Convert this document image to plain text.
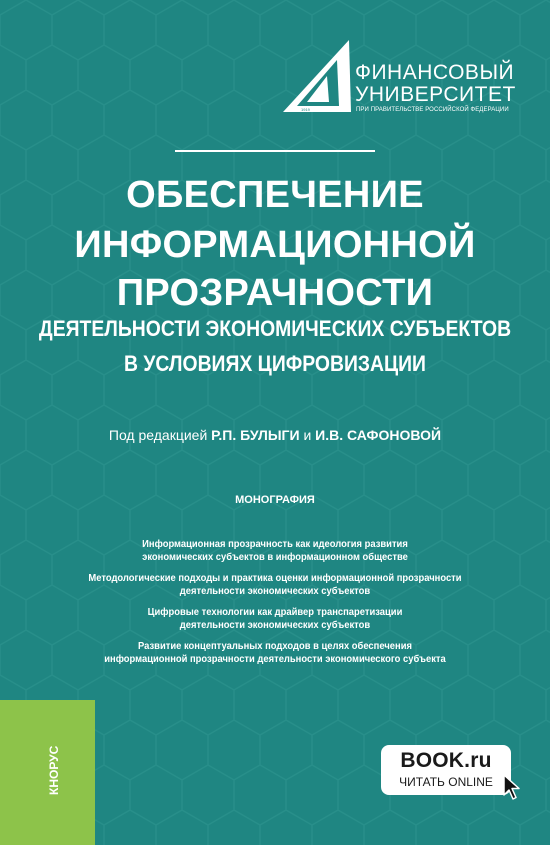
1919
ФИНАНСОВЫЙ
УНИВЕРСИТЕТ
ПРИ ПРАВИТЕЛЬСТВЕ РОССИЙСКОЙ ФЕДЕРАЦИИ
ОБЕСПЕЧЕНИЕ
ИНФОРМАЦИОННОЙ
ПРОЗРАЧНОСТИ
ДЕЯТЕЛЬНОСТИ ЭКОНОМИЧЕСКИХ СУБЪЕКТОВ
В УСЛОВИЯХ ЦИФРОВИЗАЦИИ
Под редакцией Р.П. БУЛЫГИ и И.В. САФОНОВОЙ
МОНОГРАФИЯ
Информационная прозрачность как идеология развития
экономических субъектов в информационном обществе
Методологические подходы и практика оценки информационной прозрачности
деятельности экономических субъектов
Цифровые технологии как драйвер транспаретизации
деятельности экономических субъектов
Развитие концептуальных подходов в целях обеспечения
информационной прозрачности деятельности экономического субъекта
КНОРУС	BOOK.ru
ЧИТАТЬ ONLINE
